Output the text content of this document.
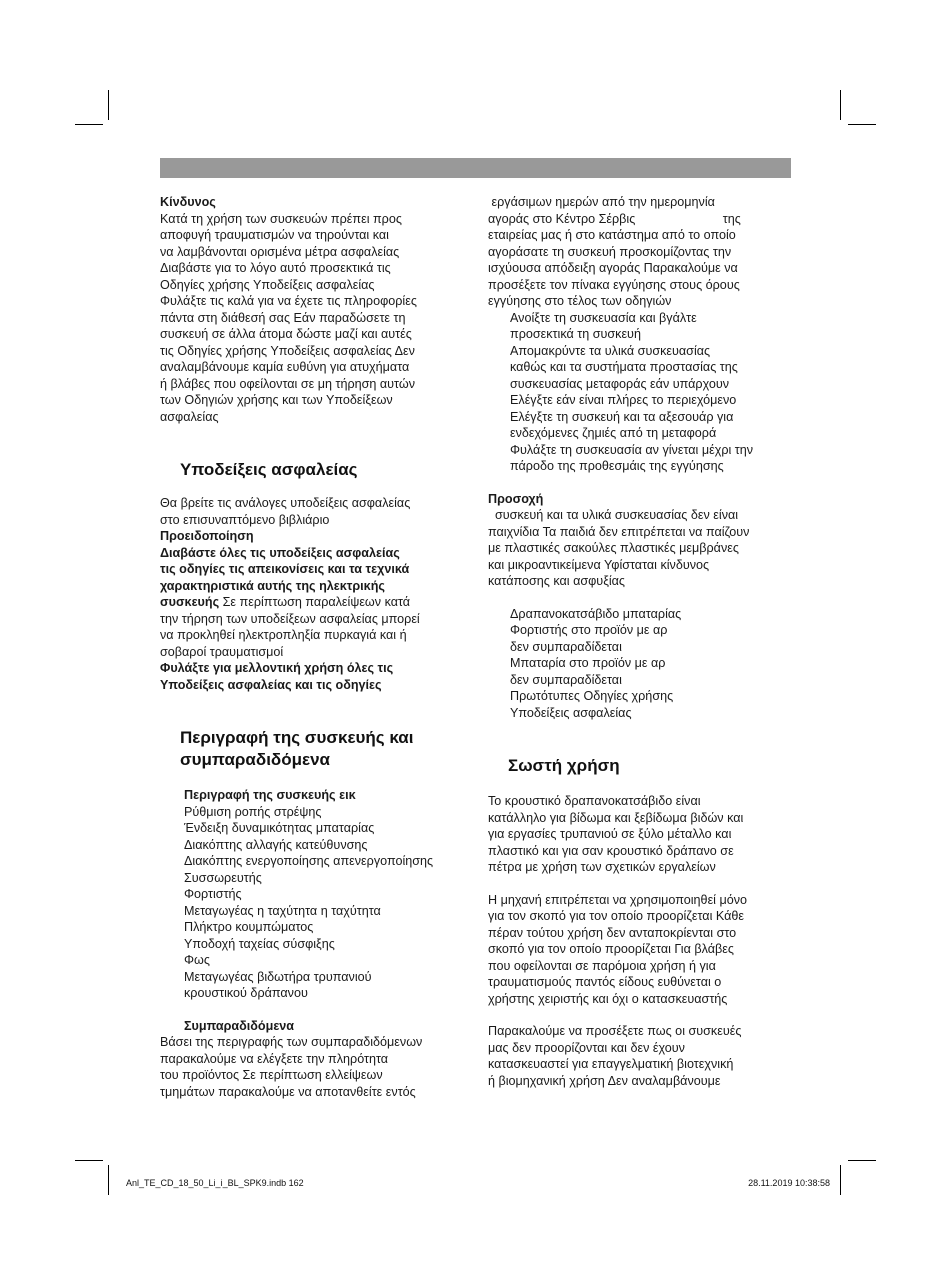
Κίνδυνος

Κατά τη χρήση των συσκευών πρέπει προς

αποφυγή τραυματισμών να τηρούνται και

να λαμβάνονται ορισμένα μέτρα ασφαλείας

Διαβάστε για το λόγο αυτό προσεκτικά τις

Οδηγίες χρήσης Υποδείξεις ασφαλείας

Φυλάξτε τις καλά για να έχετε τις πληροφορίες

πάντα στη διάθεσή σας Εάν παραδώσετε τη

συσκευή σε άλλα άτομα δώστε μαζί και αυτές

τις Οδηγίες χρήσης Υποδείξεις ασφαλείας Δεν

αναλαμβάνουμε καμία ευθύνη για ατυχήματα

ή βλάβες που οφείλονται σε μη τήρηση αυτών

των Οδηγιών χρήσης και των Υποδείξεων

ασφαλείας

Υποδείξεις ασφαλείας

Θα βρείτε τις ανάλογες υποδείξεις ασφαλείας

στο επισυναπτόμενο βιβλιάριο

Προειδοποίηση

Διαβάστε όλες τις υποδείξεις ασφαλείας

τις οδηγίες τις απεικονίσεις και τα τεχνικά

χαρακτηριστικά αυτής της ηλεκτρικής

συσκευής Σε περίπτωση παραλείψεων κατά

την τήρηση των υποδείξεων ασφαλείας μπορεί

να προκληθεί ηλεκτροπληξία πυρκαγιά και ή

σοβαροί τραυματισμοί

Φυλάξτε για μελλοντική χρήση όλες τις

Υποδείξεις ασφαλείας και τις οδηγίες

Περιγραφή της συσκευής και

συμπαραδιδόμενα

Περιγραφή της συσκευής εικ

Ρύθμιση ροπής στρέψης

Ένδειξη δυναμικότητας μπαταρίας

Διακόπτης αλλαγής κατεύθυνσης

Διακόπτης ενεργοποίησης απενεργοποίησης

Συσσωρευτής

Φορτιστής

Μεταγωγέας η ταχύτητα η ταχύτητα

Πλήκτρο κουμπώματος

Υποδοχή ταχείας σύσφιξης

Φως

Μεταγωγέας βιδωτήρα τρυπανιού

κρουστικού δράπανου

Συμπαραδιδόμενα

Βάσει της περιγραφής των συμπαραδιδόμενων

παρακαλούμε να ελέγξετε την πληρότητα

του προϊόντος Σε περίπτωση ελλείψεων

τμημάτων παρακαλούμε να αποτανθείτε εντός

εργάσιμων ημερών από την ημερομηνία

αγοράς στο Κέντρο Σέρβις                         της

εταιρείας μας ή στο κατάστημα από το οποίο

αγοράσατε τη συσκευή προσκομίζοντας την

ισχύουσα απόδειξη αγοράς Παρακαλούμε να

προσέξετε τον πίνακα εγγύησης στους όρους

εγγύησης στο τέλος των οδηγιών

Ανοίξτε τη συσκευασία και βγάλτε

προσεκτικά τη συσκευή

Απομακρύντε τα υλικά συσκευασίας

καθώς και τα συστήματα προστασίας της

συσκευασίας μεταφοράς εάν υπάρχουν

Ελέγξτε εάν είναι πλήρες το περιεχόμενο

Ελέγξτε τη συσκευή και τα αξεσουάρ για

ενδεχόμενες ζημιές από τη μεταφορά

Φυλάξτε τη συσκευασία αν γίνεται μέχρι την

πάροδο της προθεσμάις της εγγύησης

Προσοχή

συσκευή και τα υλικά συσκευασίας δεν είναι

παιχνίδια Τα παιδιά δεν επιτρέπεται να παίζουν

με πλαστικές σακούλες πλαστικές μεμβράνες

και μικροαντικείμενα Υφίσταται κίνδυνος

κατάποσης και ασφυξίας

Δραπανοκατσάβιδο μπαταρίας

Φορτιστής στο προϊόν με αρ

δεν συμπαραδίδεται

Μπαταρία στο προϊόν με αρ

δεν συμπαραδίδεται

Πρωτότυπες Οδηγίες χρήσης

Υποδείξεις ασφαλείας

Σωστή χρήση

Το κρουστικό δραπανοκατσάβιδο είναι

κατάλληλο για βίδωμα και ξεβίδωμα βιδών και

για εργασίες τρυπανιού σε ξύλο μέταλλο και

πλαστικό και για σαν κρουστικό δράπανο σε

πέτρα με χρήση των σχετικών εργαλείων

Η μηχανή επιτρέπεται να χρησιμοποιηθεί μόνο

για τον σκοπό για τον οποίο προορίζεται Κάθε

πέραν τούτου χρήση δεν ανταποκρίενται στο

σκοπό για τον οποίο προορίζεται Για βλάβες

που οφείλονται σε παρόμοια χρήση ή για

τραυματισμούς παντός είδους ευθύνεται ο

χρήστης χειριστής και όχι ο κατασκευαστής

Παρακαλούμε να προσέξετε πως οι συσκευές

μας δεν προορίζονται και δεν έχουν

κατασκευαστεί για επαγγελματική βιοτεχνική

ή βιομηχανική χρήση Δεν αναλαμβάνουμε

Anl_TE_CD_18_50_Li_i_BL_SPK9.indb 162	28.11.2019 10:38:58
